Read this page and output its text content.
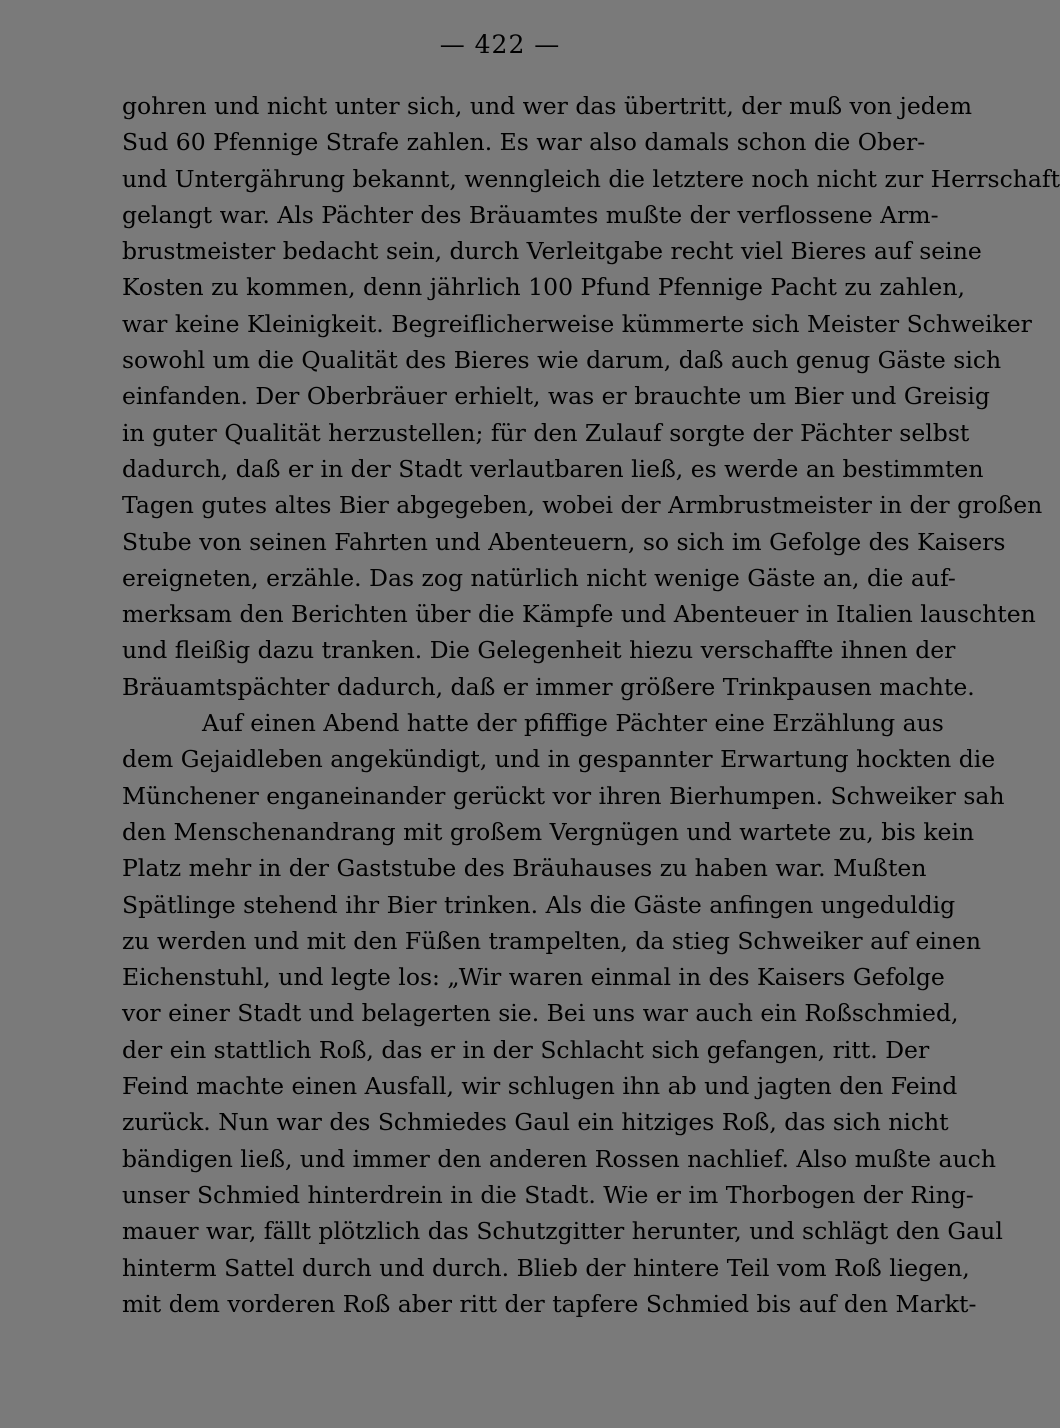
— 422 —
gohren und nicht unter sich, und wer das übertritt, der muß von jedem
Sud 60 Pfennige Strafe zahlen. Es war also damals schon die Ober-
und Untergährung bekannt, wenngleich die letztere noch nicht zur Herrschaft
gelangt war. Als Pächter des Bräuamtes mußte der verflossene Arm-
brustmeister bedacht sein, durch Verleitgabe recht viel Bieres auf seine
Kosten zu kommen, denn jährlich 100 Pfund Pfennige Pacht zu zahlen,
war keine Kleinigkeit. Begreiflicherweise kümmerte sich Meister Schweiker
sowohl um die Qualität des Bieres wie darum, daß auch genug Gäste sich
einfanden. Der Oberbräuer erhielt, was er brauchte um Bier und Greisig
in guter Qualität herzustellen; für den Zulauf sorgte der Pächter selbst
dadurch, daß er in der Stadt verlautbaren ließ, es werde an bestimmten
Tagen gutes altes Bier abgegeben, wobei der Armbrustmeister in der großen
Stube von seinen Fahrten und Abenteuern, so sich im Gefolge des Kaisers
ereigneten, erzähle. Das zog natürlich nicht wenige Gäste an, die auf-
merksam den Berichten über die Kämpfe und Abenteuer in Italien lauschten
und fleißig dazu tranken. Die Gelegenheit hiezu verschaffte ihnen der
Bräuamtspächter dadurch, daß er immer größere Trinkpausen machte.
Auf einen Abend hatte der pfiffige Pächter eine Erzählung aus
dem Gejaidleben angekündigt, und in gespannter Erwartung hockten die
Münchener enganeinander gerückt vor ihren Bierhumpen. Schweiker sah
den Menschenandrang mit großem Vergnügen und wartete zu, bis kein
Platz mehr in der Gaststube des Bräuhauses zu haben war. Mußten
Spätlinge stehend ihr Bier trinken. Als die Gäste anfingen ungeduldig
zu werden und mit den Füßen trampelten, da stieg Schweiker auf einen
Eichenstuhl, und legte los: „Wir waren einmal in des Kaisers Gefolge
vor einer Stadt und belagerten sie. Bei uns war auch ein Roßschmied,
der ein stattlich Roß, das er in der Schlacht sich gefangen, ritt. Der
Feind machte einen Ausfall, wir schlugen ihn ab und jagten den Feind
zurück. Nun war des Schmiedes Gaul ein hitziges Roß, das sich nicht
bändigen ließ, und immer den anderen Rossen nachlief. Also mußte auch
unser Schmied hinterdrein in die Stadt. Wie er im Thorbogen der Ring-
mauer war, fällt plötzlich das Schutzgitter herunter, und schlägt den Gaul
hinterm Sattel durch und durch. Blieb der hintere Teil vom Roß liegen,
mit dem vorderen Roß aber ritt der tapfere Schmied bis auf den Markt-
